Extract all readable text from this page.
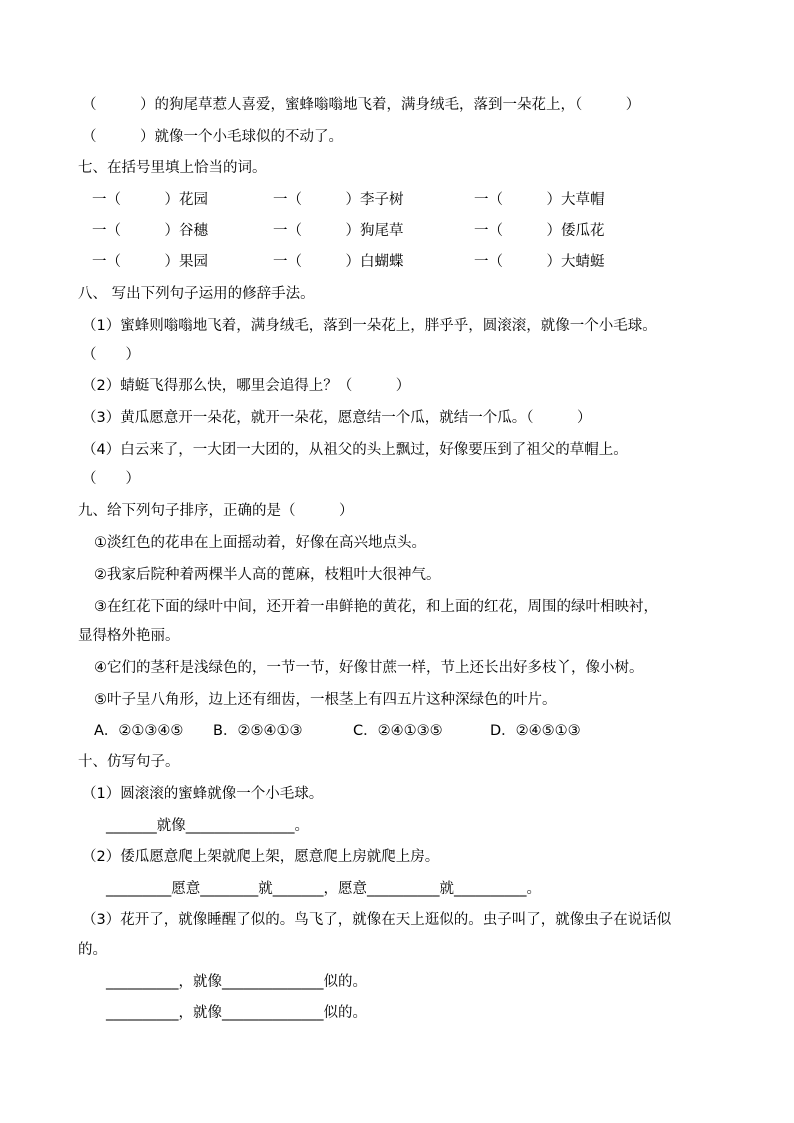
（　　　）的狗尾草惹人喜爱，蜜蜂嗡嗡地飞着，满身绒毛，落到一朵花上，（　　　）
（　　　）就像一个小毛球似的不动了。
七、在括号里填上恰当的词。
一（　　　）花园	一（　　　）李子树	一（　　　）大草帽
一（　　　）谷穗	一（　　　）狗尾草	一（　　　）倭瓜花
一（　　　）果园	一（　　　）白蝴蝶	一（　　　）大蜻蜓
八、 写出下列句子运用的修辞手法。
（1）蜜蜂则嗡嗡地飞着，满身绒毛，落到一朵花上，胖乎乎，圆滚滚，就像一个小毛球。
（　　）
（2）蜻蜓飞得那么快，哪里会追得上？（　　　）
（3）黄瓜愿意开一朵花，就开一朵花，愿意结一个瓜，就结一个瓜。（　　　）
（4）白云来了，一大团一大团的，从祖父的头上飘过，好像要压到了祖父的草帽上。
（　　）
九、给下列句子排序，正确的是（　　　）
①淡红色的花串在上面摇动着，好像在高兴地点头。
②我家后院种着两棵半人高的蓖麻，枝粗叶大很神气。
③在红花下面的绿叶中间，还开着一串鲜艳的黄花，和上面的红花，周围的绿叶相映衬，
显得格外艳丽。
④它们的茎秆是浅绿色的，一节一节，好像甘蔗一样，节上还长出好多枝丫，像小树。
⑤叶子呈八角形，边上还有细齿，一根茎上有四五片这种深绿色的叶片。
A．②①③④⑤ B．②⑤④①③	C．②④①③⑤	D．②④⑤①③
十、仿写句子。
（1）圆滚滚的蜜蜂就像一个小毛球。
_______就像_______________。
（2）倭瓜愿意爬上架就爬上架，愿意爬上房就爬上房。
_________愿意________就_______，愿意__________就__________。
（3）花开了，就像睡醒了似的。鸟飞了，就像在天上逛似的。虫子叫了，就像虫子在说话似
的。
__________，就像______________似的。
__________，就像______________似的。
